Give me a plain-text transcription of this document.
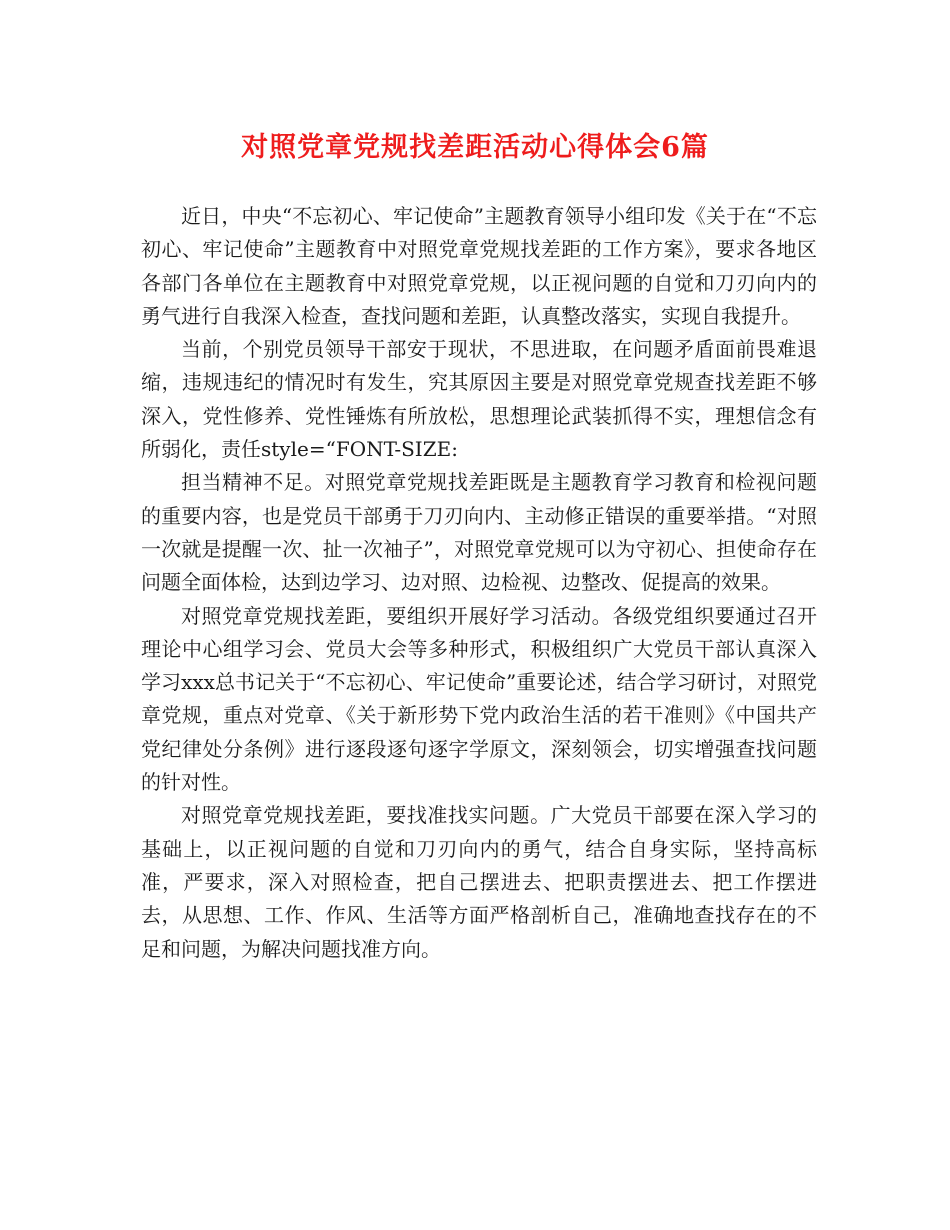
对照党章党规找差距活动心得体会6篇

近日，中央“不忘初心、牢记使命”主题教育领导小组印发《关于在“不忘初心、牢记使命”主题教育中对照党章党规找差距的工作方案》，要求各地区各部门各单位在主题教育中对照党章党规，以正视问题的自觉和刀刃向内的勇气进行自我深入检查，查找问题和差距，认真整改落实，实现自我提升。

当前，个别党员领导干部安于现状，不思进取，在问题矛盾面前畏难退缩，违规违纪的情况时有发生，究其原因主要是对照党章党规查找差距不够深入，党性修养、党性锤炼有所放松，思想理论武装抓得不实，理想信念有所弱化，责任style=“FONT-SIZE:

担当精神不足。对照党章党规找差距既是主题教育学习教育和检视问题的重要内容，也是党员干部勇于刀刃向内、主动修正错误的重要举措。“对照一次就是提醒一次、扯一次袖子”，对照党章党规可以为守初心、担使命存在问题全面体检，达到边学习、边对照、边检视、边整改、促提高的效果。

对照党章党规找差距，要组织开展好学习活动。各级党组织要通过召开理论中心组学习会、党员大会等多种形式，积极组织广大党员干部认真深入学习xxx总书记关于“不忘初心、牢记使命”重要论述，结合学习研讨，对照党章党规，重点对党章、《关于新形势下党内政治生活的若干准则》《中国共产党纪律处分条例》进行逐段逐句逐字学原文，深刻领会，切实增强查找问题的针对性。

对照党章党规找差距，要找准找实问题。广大党员干部要在深入学习的基础上，以正视问题的自觉和刀刃向内的勇气，结合自身实际，坚持高标准，严要求，深入对照检查，把自己摆进去、把职责摆进去、把工作摆进去，从思想、工作、作风、生活等方面严格剖析自己，准确地查找存在的不足和问题，为解决问题找准方向。
